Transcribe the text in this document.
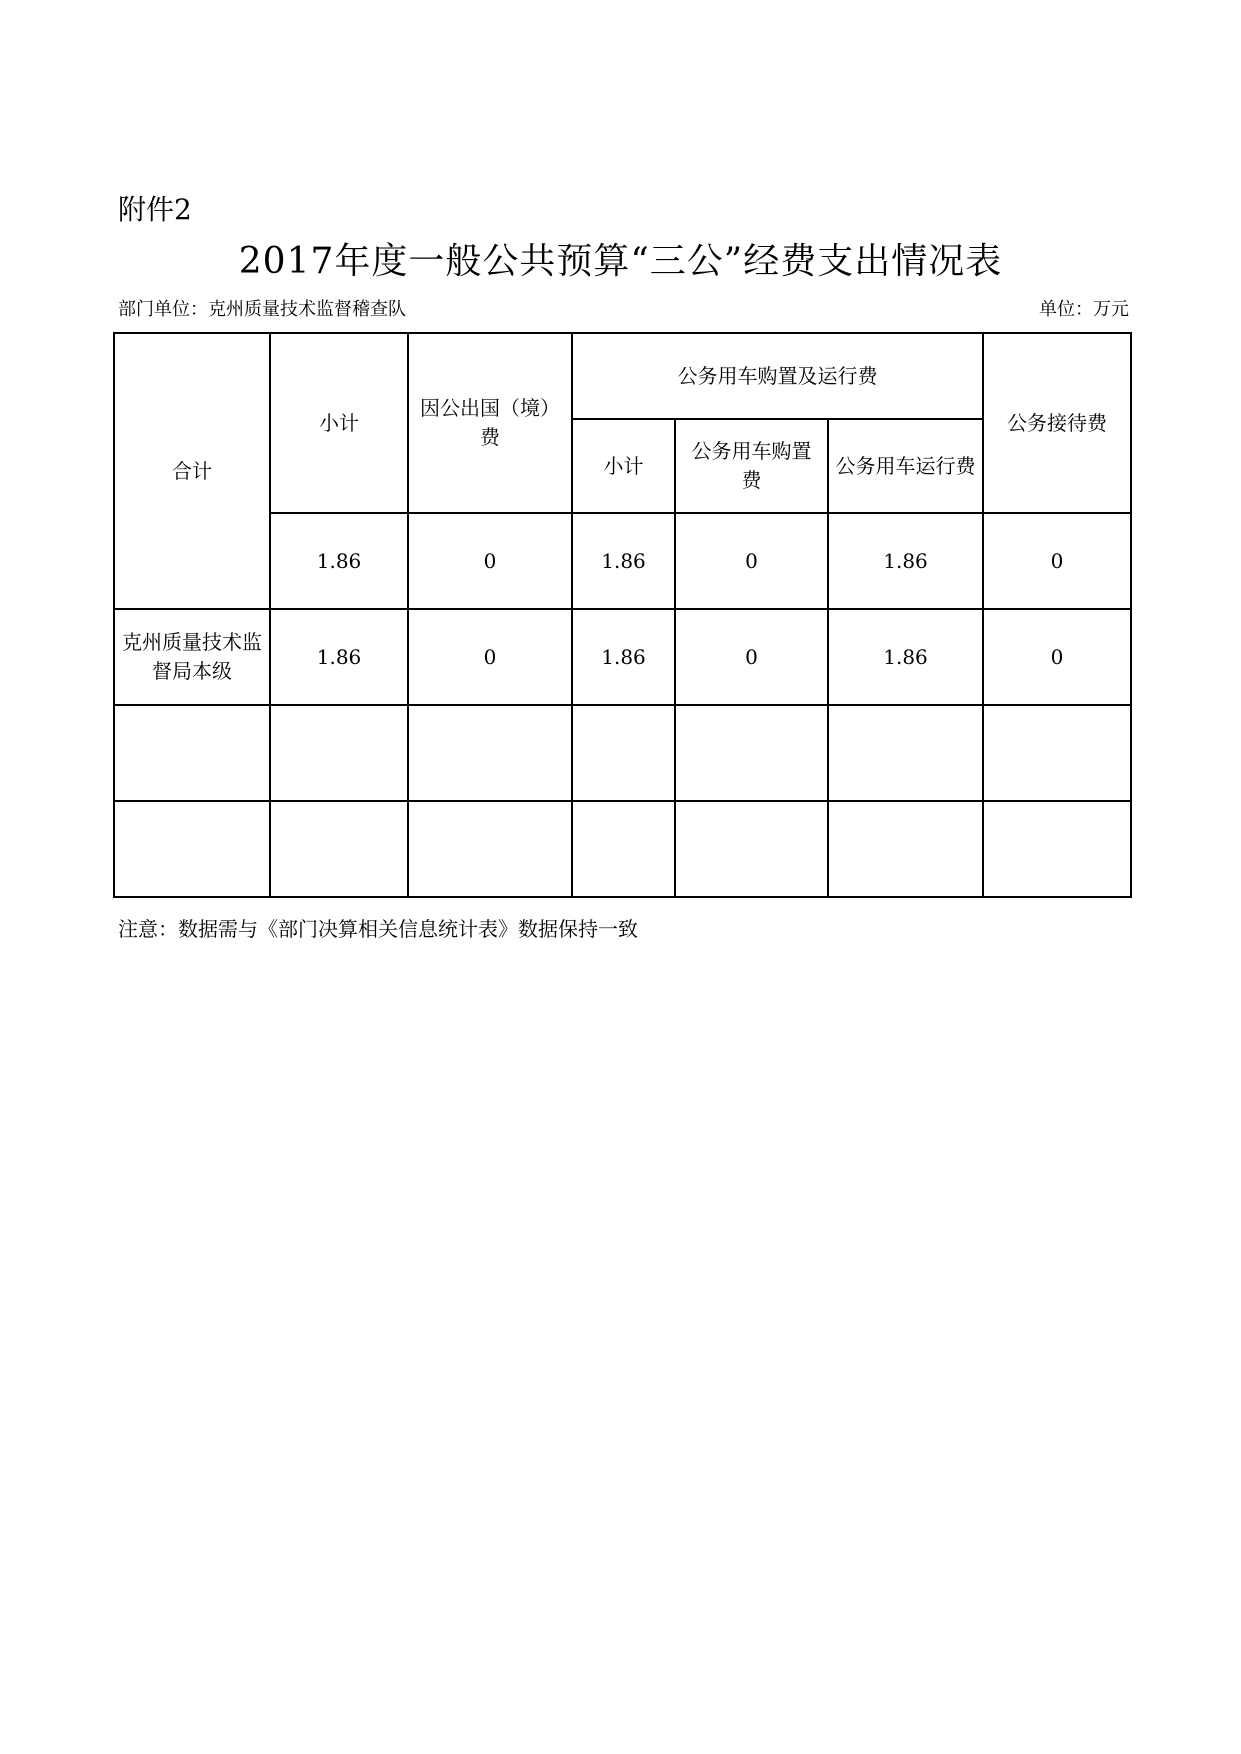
附件2
2017年度一般公共预算“三公”经费支出情况表
部门单位：克州质量技术监督稽查队	单位：万元
合计	小计	因公出国（境）费	公务用车购置及运行费			公务接待费
			小计	公务用车购置费	公务用车运行费	
	1.86	0	1.86	0	1.86	0
克州质量技术监督局本级	1.86	0	1.86	0	1.86	0

注意：数据需与《部门决算相关信息统计表》数据保持一致
